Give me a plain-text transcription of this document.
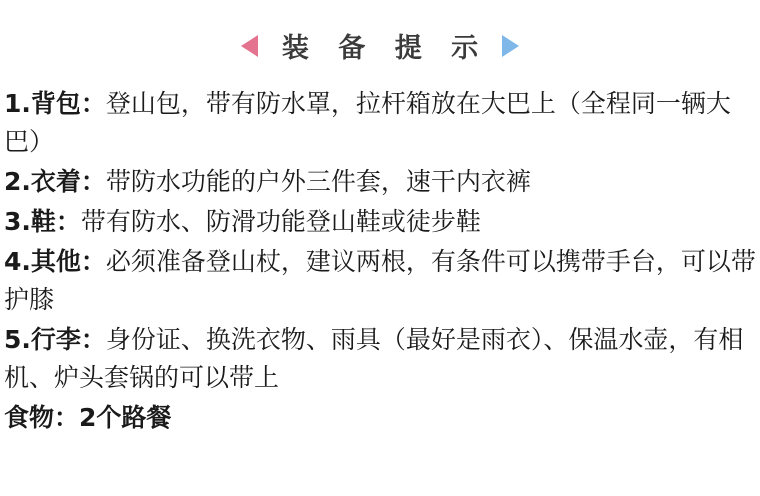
装 备 提 示

1.背包：登山包，带有防水罩，拉杆箱放在大巴上（全程同一辆大巴）

2.衣着：带防水功能的户外三件套，速干内衣裤

3.鞋：带有防水、防滑功能登山鞋或徒步鞋

4.其他：必须准备登山杖，建议两根，有条件可以携带手台，可以带护膝

5.行李：身份证、换洗衣物、雨具（最好是雨衣）、保温水壶，有相机、炉头套锅的可以带上

食物：2个路餐
